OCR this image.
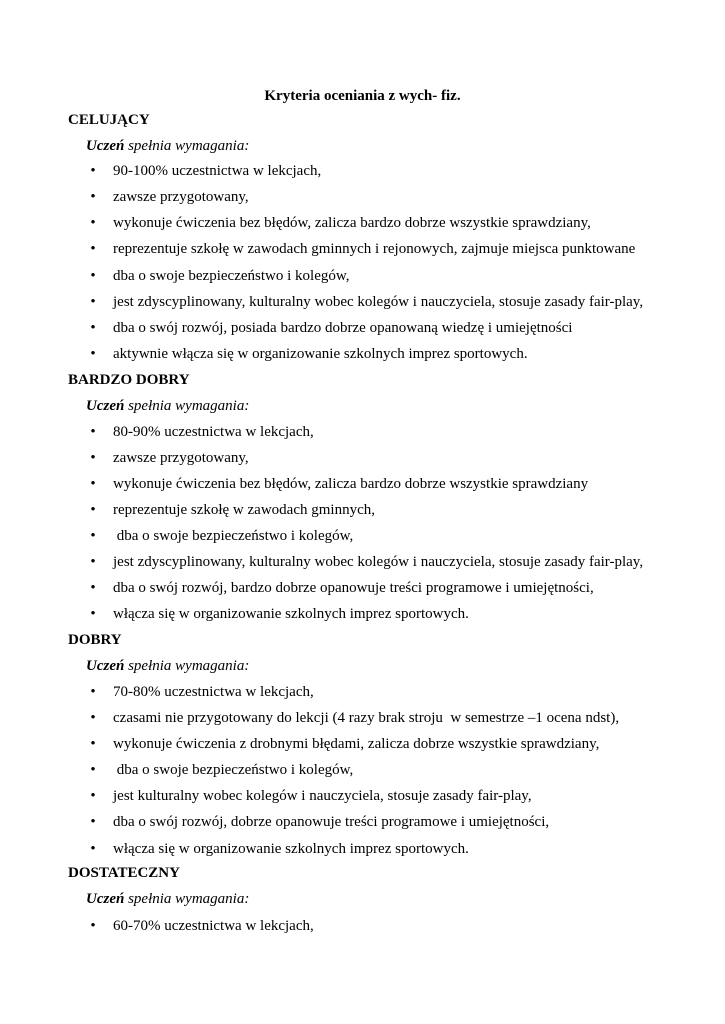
Kryteria oceniania z wych- fiz.
CELUJĄCY
Uczeń spełnia wymagania:
• 90-100% uczestnictwa w lekcjach,
• zawsze przygotowany,
• wykonuje ćwiczenia bez błędów, zalicza bardzo dobrze wszystkie sprawdziany,
• reprezentuje szkołę w zawodach gminnych i rejonowych, zajmuje miejsca punktowane
• dba o swoje bezpieczeństwo i kolegów,
• jest zdyscyplinowany, kulturalny wobec kolegów i nauczyciela, stosuje zasady fair-play,
• dba o swój rozwój, posiada bardzo dobrze opanowaną wiedzę i umiejętności
• aktywnie włącza się w organizowanie szkolnych imprez sportowych.
BARDZO DOBRY
Uczeń spełnia wymagania:
• 80-90% uczestnictwa w lekcjach,
• zawsze przygotowany,
• wykonuje ćwiczenia bez błędów, zalicza bardzo dobrze wszystkie sprawdziany
• reprezentuje szkołę w zawodach gminnych,
• dba o swoje bezpieczeństwo i kolegów,
• jest zdyscyplinowany, kulturalny wobec kolegów i nauczyciela, stosuje zasady fair-play,
• dba o swój rozwój, bardzo dobrze opanowuje treści programowe i umiejętności,
• włącza się w organizowanie szkolnych imprez sportowych.
DOBRY
Uczeń spełnia wymagania:
• 70-80% uczestnictwa w lekcjach,
• czasami nie przygotowany do lekcji (4 razy brak stroju  w semestrze –1 ocena ndst),
• wykonuje ćwiczenia z drobnymi błędami, zalicza dobrze wszystkie sprawdziany,
• dba o swoje bezpieczeństwo i kolegów,
• jest kulturalny wobec kolegów i nauczyciela, stosuje zasady fair-play,
• dba o swój rozwój, dobrze opanowuje treści programowe i umiejętności,
• włącza się w organizowanie szkolnych imprez sportowych.
DOSTATECZNY
Uczeń spełnia wymagania:
• 60-70% uczestnictwa w lekcjach,
